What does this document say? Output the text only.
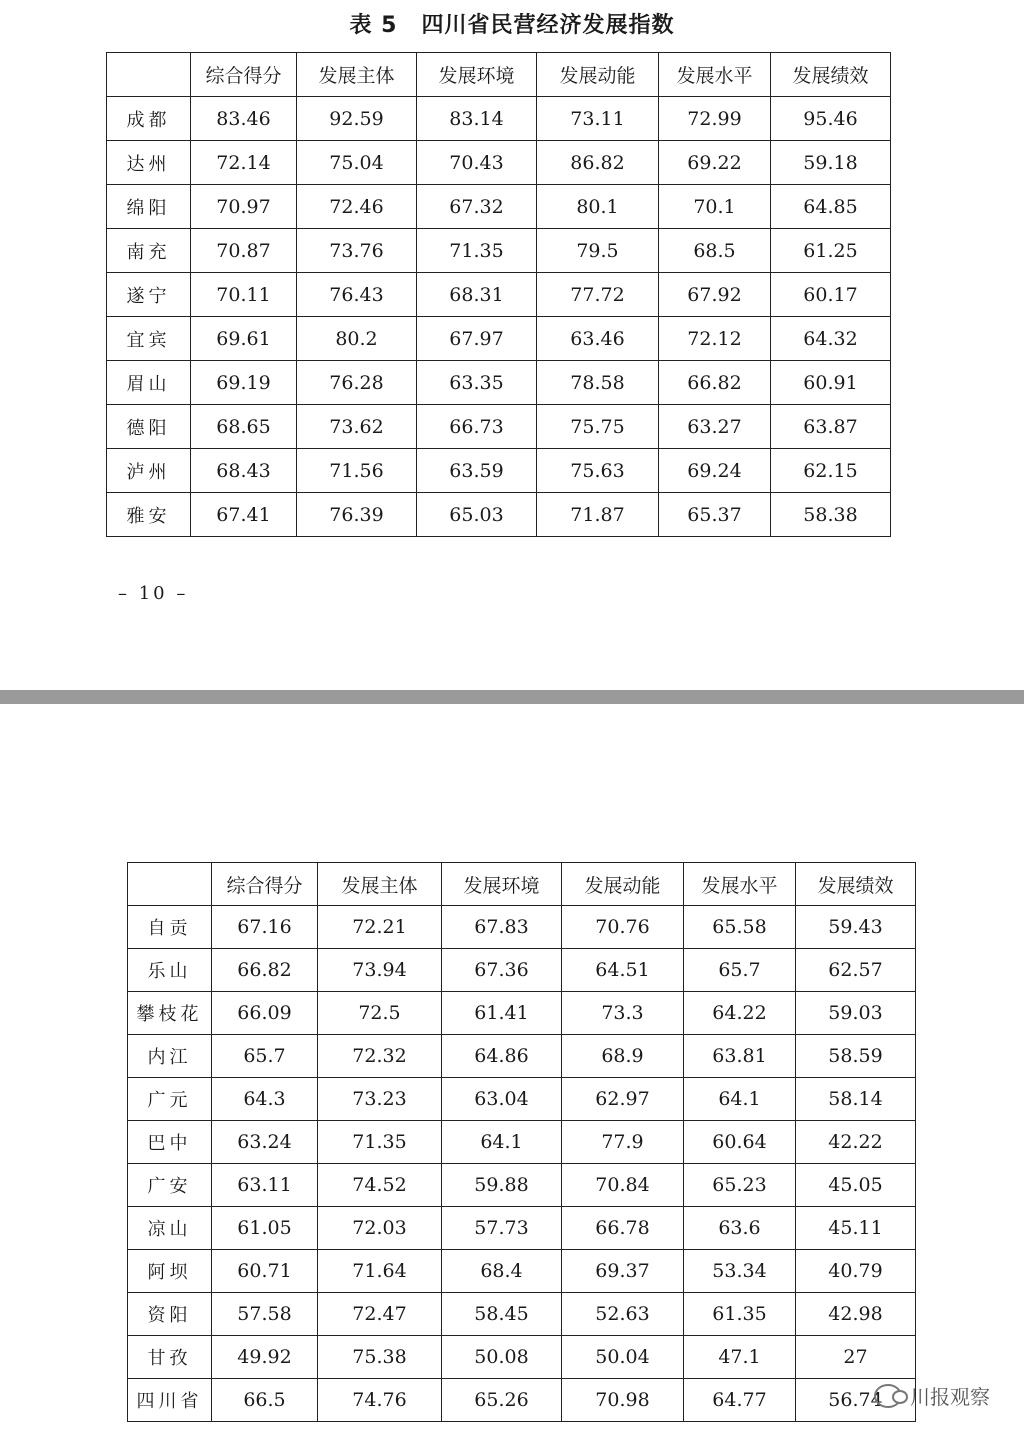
表 5 四川省民营经济发展指数
	综合得分	发展主体	发展环境	发展动能	发展水平	发展绩效
成都	83.46	92.59	83.14	73.11	72.99	95.46
达州	72.14	75.04	70.43	86.82	69.22	59.18
绵阳	70.97	72.46	67.32	80.1	70.1	64.85
南充	70.87	73.76	71.35	79.5	68.5	61.25
遂宁	70.11	76.43	68.31	77.72	67.92	60.17
宜宾	69.61	80.2	67.97	63.46	72.12	64.32
眉山	69.19	76.28	63.35	78.58	66.82	60.91
德阳	68.65	73.62	66.73	75.75	63.27	63.87
泸州	68.43	71.56	63.59	75.63	69.24	62.15
雅安	67.41	76.39	65.03	71.87	65.37	58.38
– 10 –
	综合得分	发展主体	发展环境	发展动能	发展水平	发展绩效
自贡	67.16	72.21	67.83	70.76	65.58	59.43
乐山	66.82	73.94	67.36	64.51	65.7	62.57
攀枝花	66.09	72.5	61.41	73.3	64.22	59.03
内江	65.7	72.32	64.86	68.9	63.81	58.59
广元	64.3	73.23	63.04	62.97	64.1	58.14
巴中	63.24	71.35	64.1	77.9	60.64	42.22
广安	63.11	74.52	59.88	70.84	65.23	45.05
凉山	61.05	72.03	57.73	66.78	63.6	45.11
阿坝	60.71	71.64	68.4	69.37	53.34	40.79
资阳	57.58	72.47	58.45	52.63	61.35	42.98
甘孜	49.92	75.38	50.08	50.04	47.1	27
四川省	66.5	74.76	65.26	70.98	64.77	56.74 川报观察
